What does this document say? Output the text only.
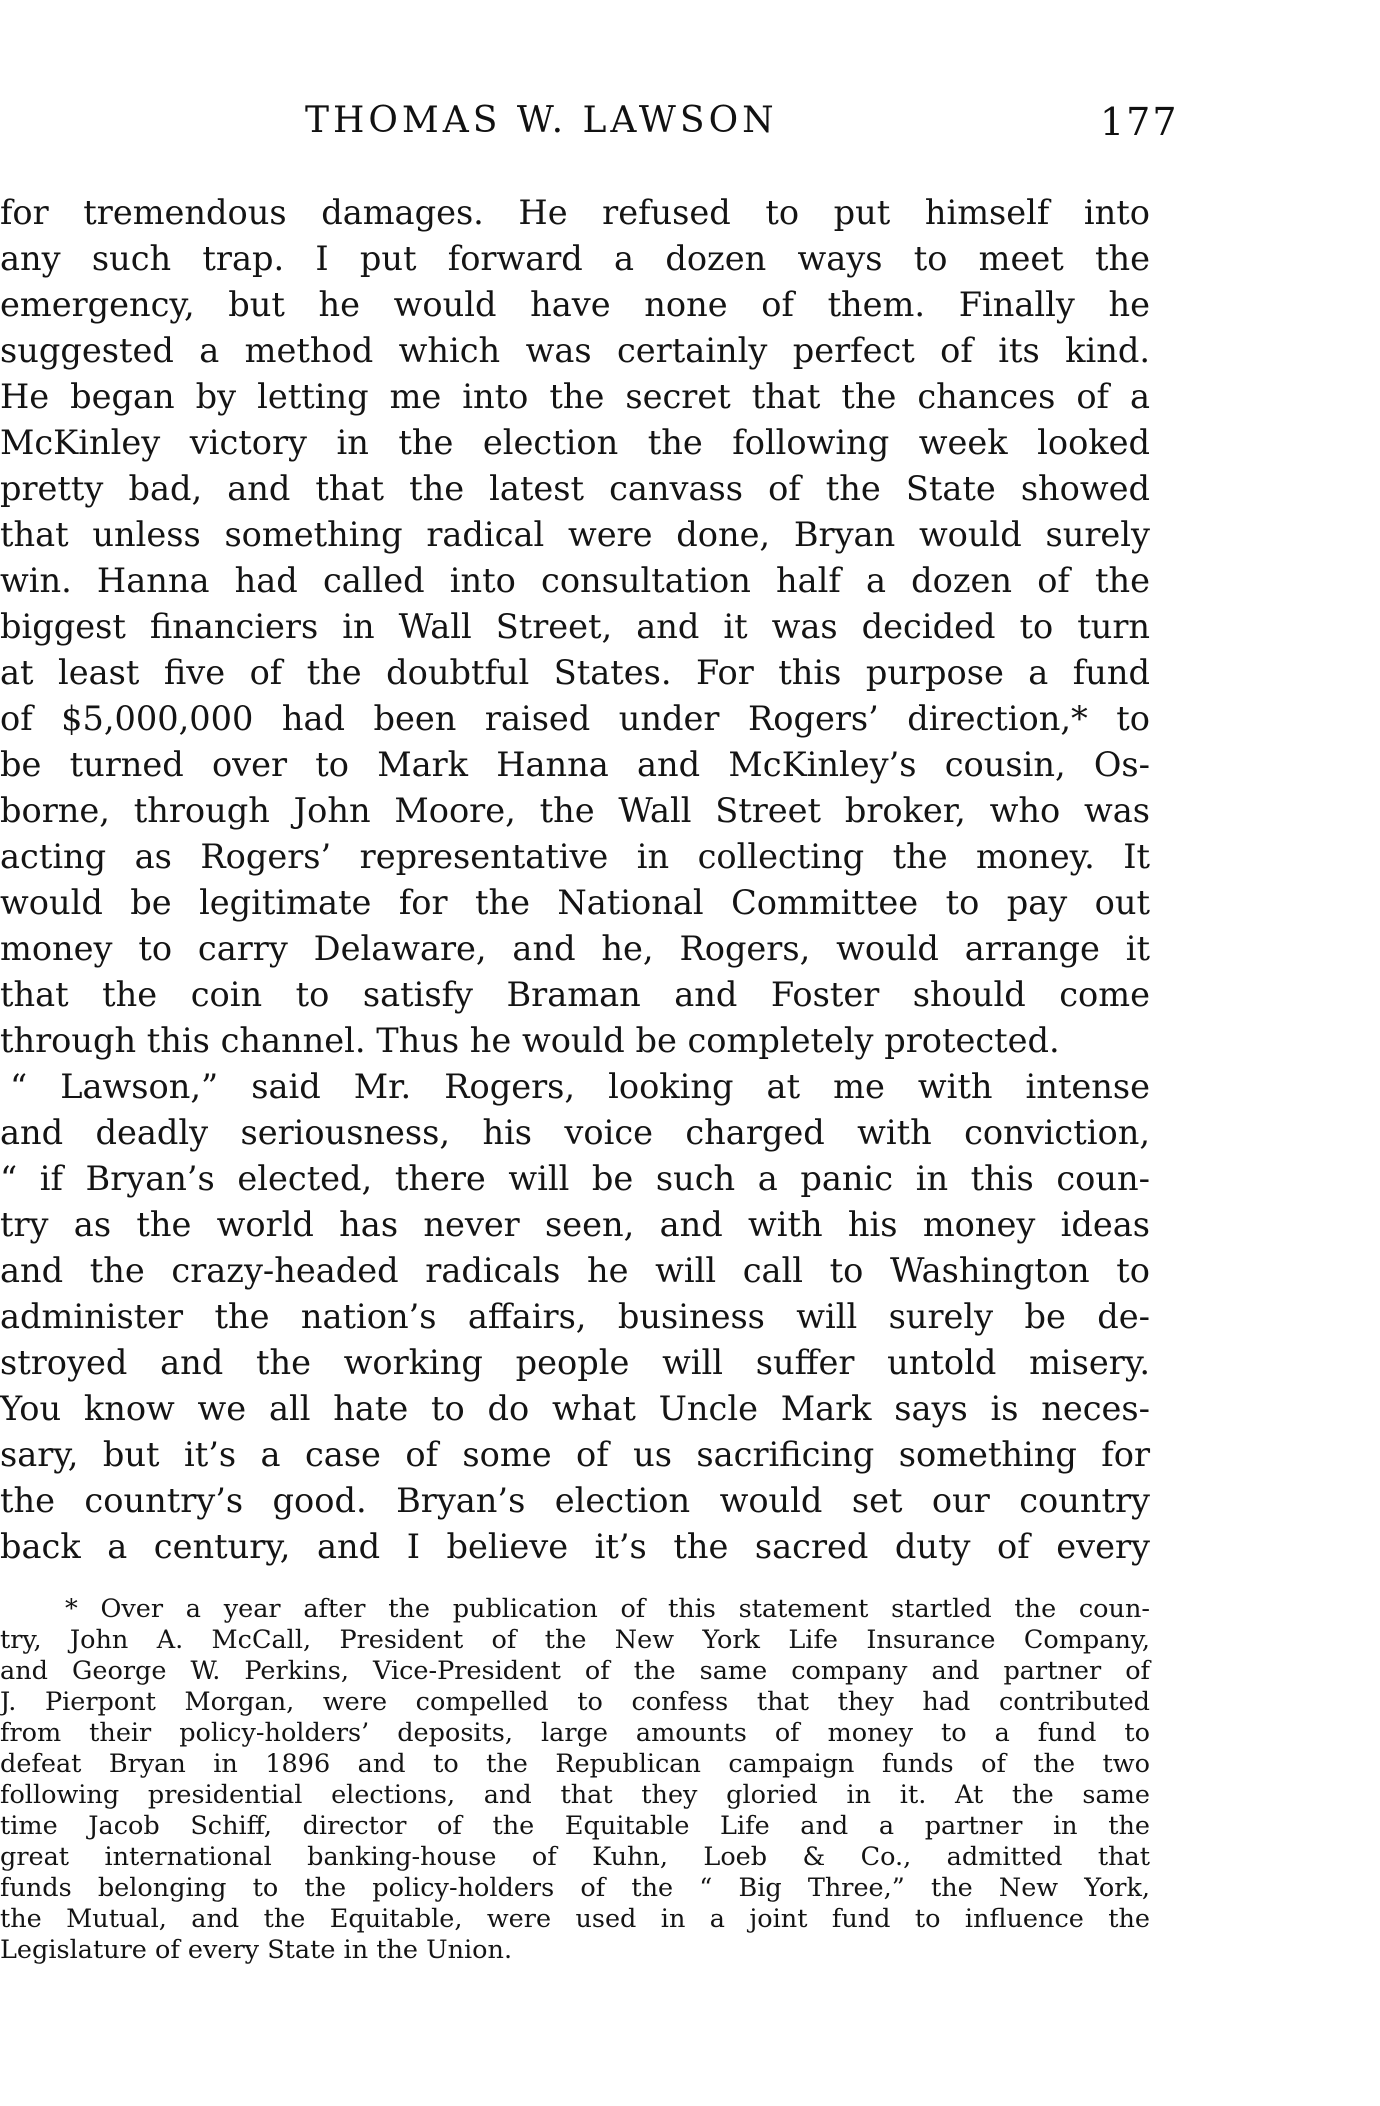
THOMAS W. LAWSON	177
for tremendous damages. He refused to put himself into
any such trap. I put forward a dozen ways to meet the
emergency, but he would have none of them. Finally he
suggested a method which was certainly perfect of its kind.
He began by letting me into the secret that the chances of a
McKinley victory in the election the following week looked
pretty bad, and that the latest canvass of the State showed
that unless something radical were done, Bryan would surely
win. Hanna had called into consultation half a dozen of the
biggest financiers in Wall Street, and it was decided to turn
at least five of the doubtful States. For this purpose a fund
of $5,000,000 had been raised under Rogers’ direction,* to
be turned over to Mark Hanna and McKinley’s cousin, Os-
borne, through John Moore, the Wall Street broker, who was
acting as Rogers’ representative in collecting the money. It
would be legitimate for the National Committee to pay out
money to carry Delaware, and he, Rogers, would arrange it
that the coin to satisfy Braman and Foster should come
through this channel. Thus he would be completely protected.
“ Lawson,” said Mr. Rogers, looking at me with intense
and deadly seriousness, his voice charged with conviction,
“ if Bryan’s elected, there will be such a panic in this coun-
try as the world has never seen, and with his money ideas
and the crazy-headed radicals he will call to Washington to
administer the nation’s affairs, business will surely be de-
stroyed and the working people will suffer untold misery.
You know we all hate to do what Uncle Mark says is neces-
sary, but it’s a case of some of us sacrificing something for
the country’s good. Bryan’s election would set our country
back a century, and I believe it’s the sacred duty of every
* Over a year after the publication of this statement startled the coun-
try, John A. McCall, President of the New York Life Insurance Company,
and George W. Perkins, Vice-President of the same company and partner of
J. Pierpont Morgan, were compelled to confess that they had contributed
from their policy-holders’ deposits, large amounts of money to a fund to
defeat Bryan in 1896 and to the Republican campaign funds of the two
following presidential elections, and that they gloried in it. At the same
time Jacob Schiff, director of the Equitable Life and a partner in the
great international banking-house of Kuhn, Loeb & Co., admitted that
funds belonging to the policy-holders of the “ Big Three,” the New York,
the Mutual, and the Equitable, were used in a joint fund to influence the
Legislature of every State in the Union.
